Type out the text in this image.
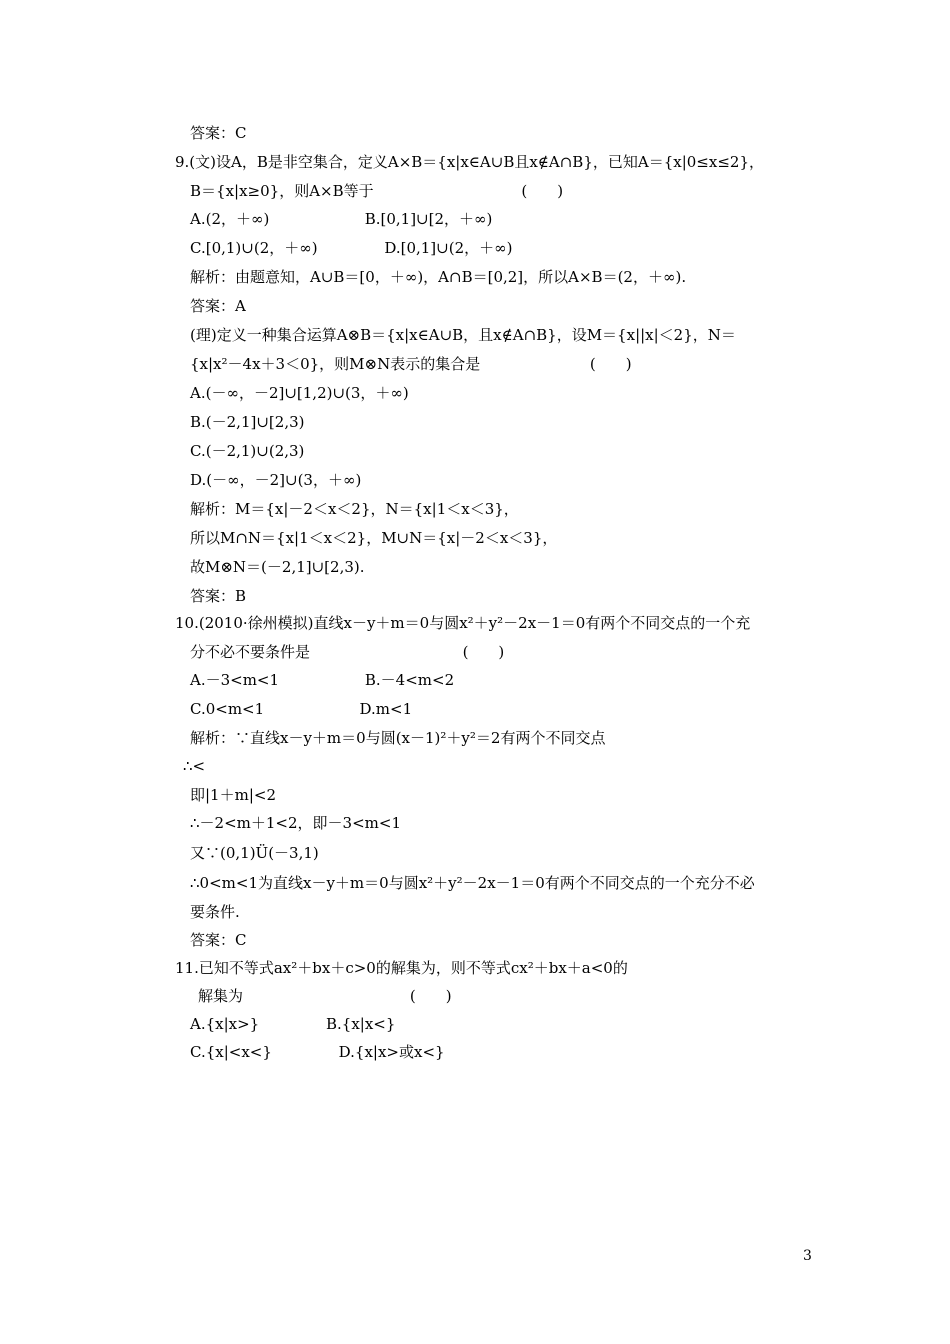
答案：C
9.(文)设A，B是非空集合，定义A×B＝{x|x∈A∪B且x∉A∩B}，已知A＝{x|0≤x≤2}，
B＝{x|x≥0}，则A×B等于                               (　　)
A.(2，＋∞)                    B.[0,1]∪[2，＋∞)
C.[0,1)∪(2，＋∞)              D.[0,1]∪(2，＋∞)
解析：由题意知，A∪B＝[0，＋∞)，A∩B＝[0,2]，所以A×B＝(2，＋∞).
答案：A
(理)定义一种集合运算A⊗B＝{x|x∈A∪B，且x∉A∩B}，设M＝{x||x|＜2}，N＝
{x|x²－4x＋3＜0}，则M⊗N表示的集合是                       (　　)
A.(－∞，－2]∪[1,2)∪(3，＋∞)
B.(－2,1]∪[2,3)
C.(－2,1)∪(2,3)
D.(－∞，－2]∪(3，＋∞)
解析：M＝{x|－2＜x＜2}，N＝{x|1＜x＜3}，
所以M∩N＝{x|1＜x＜2}，M∪N＝{x|－2＜x＜3}，
故M⊗N＝(－2,1]∪[2,3).
答案：B
10.(2010·徐州模拟)直线x－y＋m＝0与圆x²＋y²－2x－1＝0有两个不同交点的一个充
分不必不要条件是                                (　　)
A.－3<m<1                  B.－4<m<2
C.0<m<1                    D.m<1
解析：∵直线x－y＋m＝0与圆(x－1)²＋y²＝2有两个不同交点
∴<
即|1＋m|<2
∴－2<m＋1<2，即－3<m<1
又∵(0,1)Ü(－3,1)
∴0<m<1为直线x－y＋m＝0与圆x²＋y²－2x－1＝0有两个不同交点的一个充分不必
要条件.
答案：C
11.已知不等式ax²＋bx＋c>0的解集为，则不等式cx²＋bx＋a<0的
解集为                                   (　　)
A.{x|x>}              B.{x|x<}
C.{x|<x<}              D.{x|x>或x<}
3
